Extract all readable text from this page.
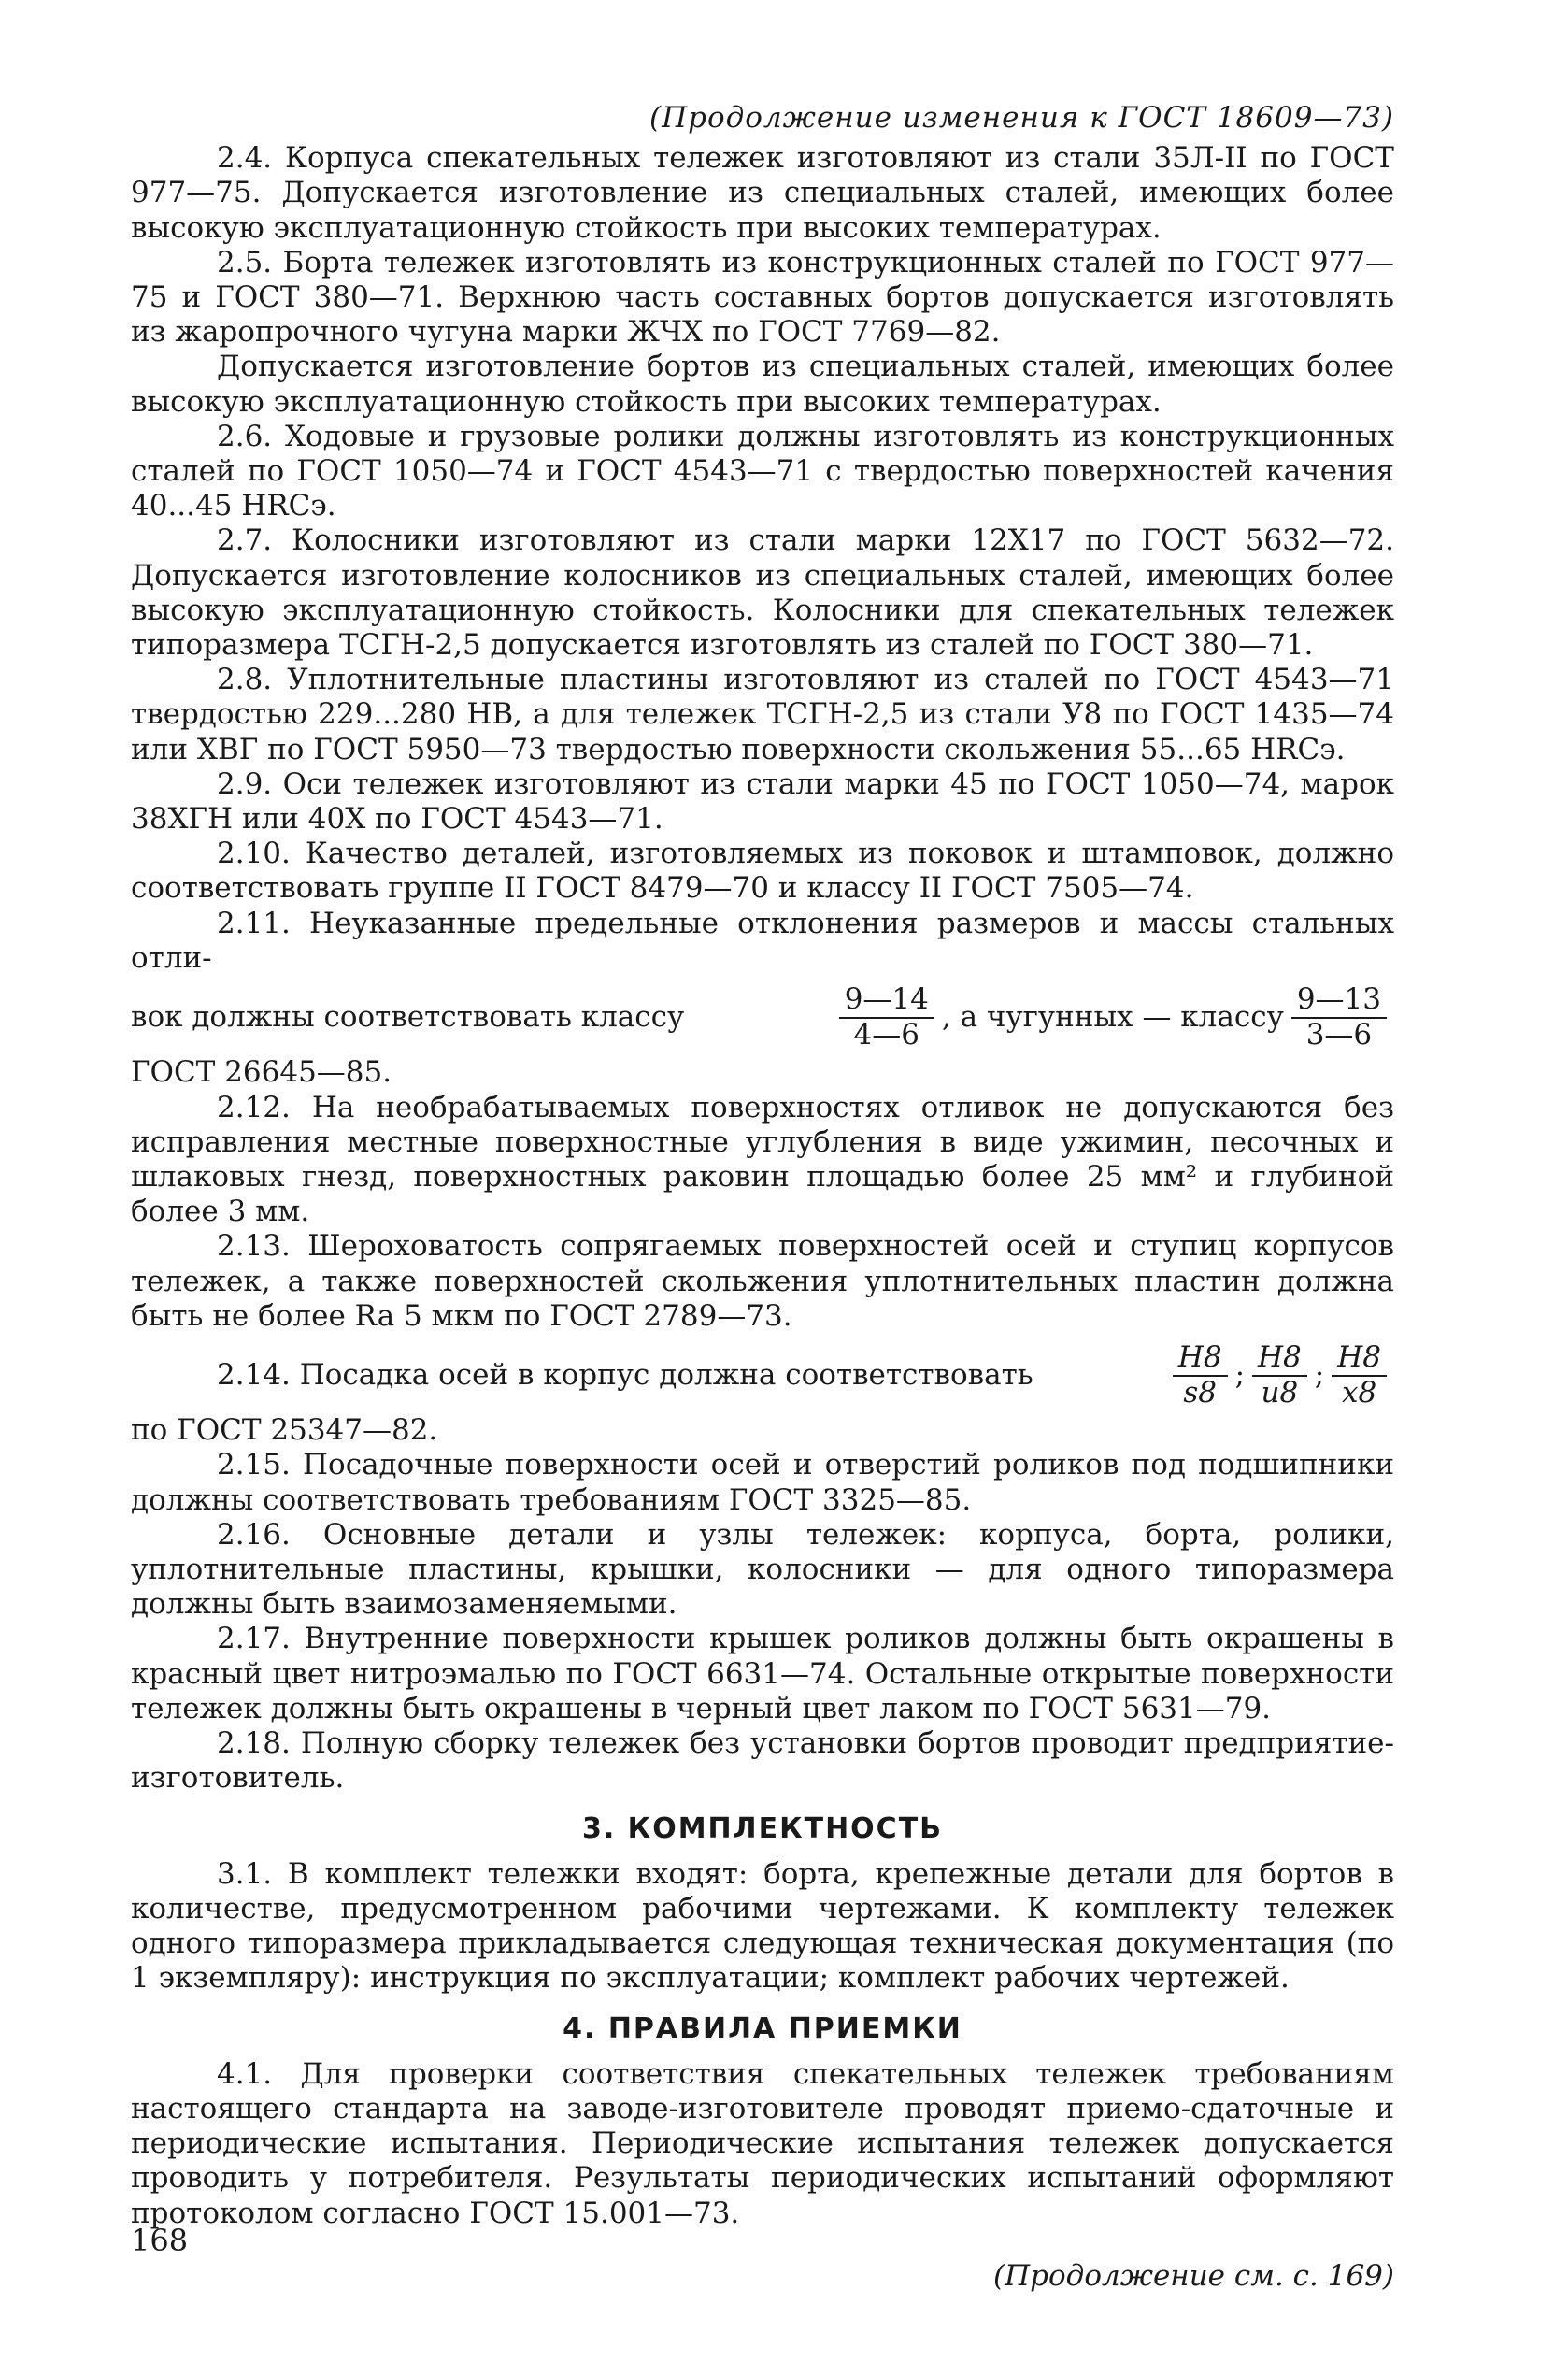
(Продолжение изменения к ГОСТ 18609—73)

2.4. Корпуса спекательных тележек изготовляют из стали 35Л-II по ГОСТ 977—75. Допускается изготовление из специальных сталей, имеющих более высокую эксплуатационную стойкость при высоких температурах.

2.5. Борта тележек изготовлять из конструкционных сталей по ГОСТ 977—75 и ГОСТ 380—71. Верхнюю часть составных бортов допускается изготовлять из жаропрочного чугуна марки ЖЧХ по ГОСТ 7769—82.

Допускается изготовление бортов из специальных сталей, имеющих более высокую эксплуатационную стойкость при высоких температурах.

2.6. Ходовые и грузовые ролики должны изготовлять из конструкционных сталей по ГОСТ 1050—74 и ГОСТ 4543—71 с твердостью поверхностей качения 40...45 HRCэ.

2.7. Колосники изготовляют из стали марки 12Х17 по ГОСТ 5632—72. Допускается изготовление колосников из специальных сталей, имеющих более высокую эксплуатационную стойкость. Колосники для спекательных тележек типоразмера ТСГН-2,5 допускается изготовлять из сталей по ГОСТ 380—71.

2.8. Уплотнительные пластины изготовляют из сталей по ГОСТ 4543—71 твердостью 229...280 НВ, а для тележек ТСГН-2,5 из стали У8 по ГОСТ 1435—74 или ХВГ по ГОСТ 5950—73 твердостью поверхности скольжения 55...65 HRCэ.

2.9. Оси тележек изготовляют из стали марки 45 по ГОСТ 1050—74, марок 38ХГН или 40Х по ГОСТ 4543—71.

2.10. Качество деталей, изготовляемых из поковок и штамповок, должно соответствовать группе II ГОСТ 8479—70 и классу II ГОСТ 7505—74.

2.11. Неуказанные предельные отклонения размеров и массы стальных отли-

вок должны соответствовать классу	$\frac{9—14}{4—6}$ , а чугунных — классу $\frac{9—13}{3—6}$

ГОСТ 26645—85.

2.12. На необрабатываемых поверхностях отливок не допускаются без исправления местные поверхностные углубления в виде ужимин, песочных и шлаковых гнезд, поверхностных раковин площадью более 25 мм² и глубиной более 3 мм.

2.13. Шероховатость сопрягаемых поверхностей осей и ступиц корпусов тележек, а также поверхностей скольжения уплотнительных пластин должна быть не более Ra 5 мкм по ГОСТ 2789—73.

2.14. Посадка осей в корпус должна соответствовать	$\frac{H8}{s8}$ ; $\frac{H8}{u8}$ ; $\frac{H8}{x8}$

по ГОСТ 25347—82.

2.15. Посадочные поверхности осей и отверстий роликов под подшипники должны соответствовать требованиям ГОСТ 3325—85.

2.16. Основные детали и узлы тележек: корпуса, борта, ролики, уплотнительные пластины, крышки, колосники — для одного типоразмера должны быть взаимозаменяемыми.

2.17. Внутренние поверхности крышек роликов должны быть окрашены в красный цвет нитроэмалью по ГОСТ 6631—74. Остальные открытые поверхности тележек должны быть окрашены в черный цвет лаком по ГОСТ 5631—79.

2.18. Полную сборку тележек без установки бортов проводит предприятие-изготовитель.

3. КОМПЛЕКТНОСТЬ

3.1. В комплект тележки входят: борта, крепежные детали для бортов в количестве, предусмотренном рабочими чертежами. К комплекту тележек одного типоразмера прикладывается следующая техническая документация (по 1 экземпляру): инструкция по эксплуатации; комплект рабочих чертежей.

4. ПРАВИЛА ПРИЕМКИ

4.1. Для проверки соответствия спекательных тележек требованиям настоящего стандарта на заводе-изготовителе проводят приемо-сдаточные и периодические испытания. Периодические испытания тележек допускается проводить у потребителя. Результаты периодических испытаний оформляют протоколом согласно ГОСТ 15.001—73.

(Продолжение см. с. 169)
168
